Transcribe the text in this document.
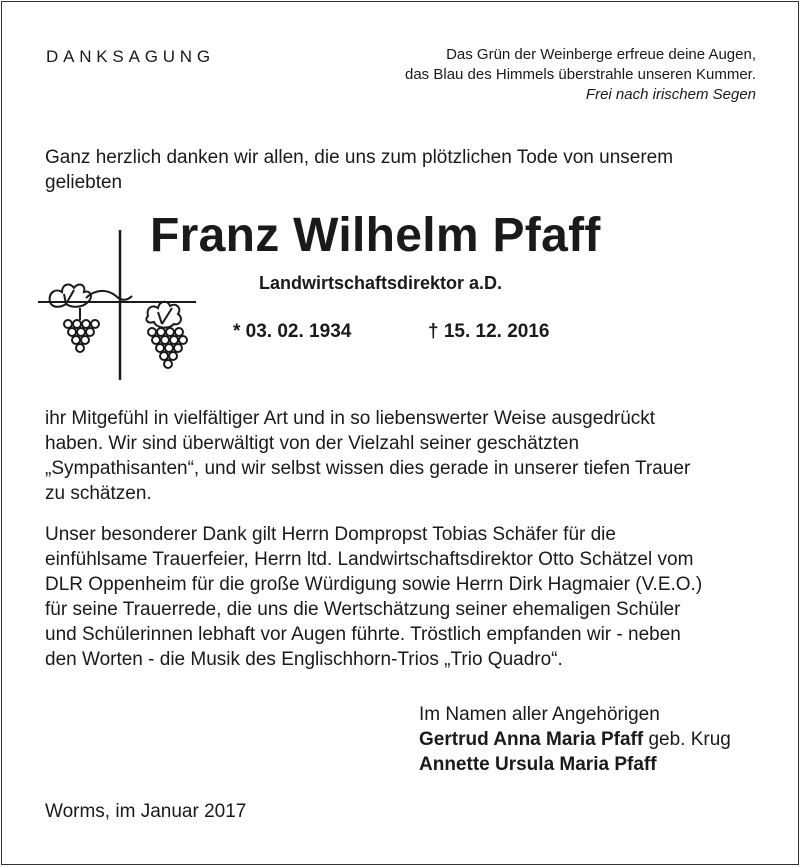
DANKSAGUNG	Das Grün der Weinberge erfreue deine Augen,
das Blau des Himmels überstrahle unseren Kummer.
Frei nach irischem Segen
Ganz herzlich danken wir allen, die uns zum plötzlichen Tode von unserem
geliebten
Franz Wilhelm Pfaff
Landwirtschaftsdirektor a.D.
* 03. 02. 1934	† 15. 12. 2016
ihr Mitgefühl in vielfältiger Art und in so liebenswerter Weise ausgedrückt
haben. Wir sind überwältigt von der Vielzahl seiner geschätzten
„Sympathisanten“, und wir selbst wissen dies gerade in unserer tiefen Trauer
zu schätzen.
Unser besonderer Dank gilt Herrn Dompropst Tobias Schäfer für die
einfühlsame Trauerfeier, Herrn ltd. Landwirtschaftsdirektor Otto Schätzel vom
DLR Oppenheim für die große Würdigung sowie Herrn Dirk Hagmaier (V.E.O.)
für seine Trauerrede, die uns die Wertschätzung seiner ehemaligen Schüler
und Schülerinnen lebhaft vor Augen führte. Tröstlich empfanden wir - neben
den Worten - die Musik des Englischhorn-Trios „Trio Quadro“.
Im Namen aller Angehörigen
Gertrud Anna Maria Pfaff geb. Krug
Annette Ursula Maria Pfaff
Worms, im Januar 2017
